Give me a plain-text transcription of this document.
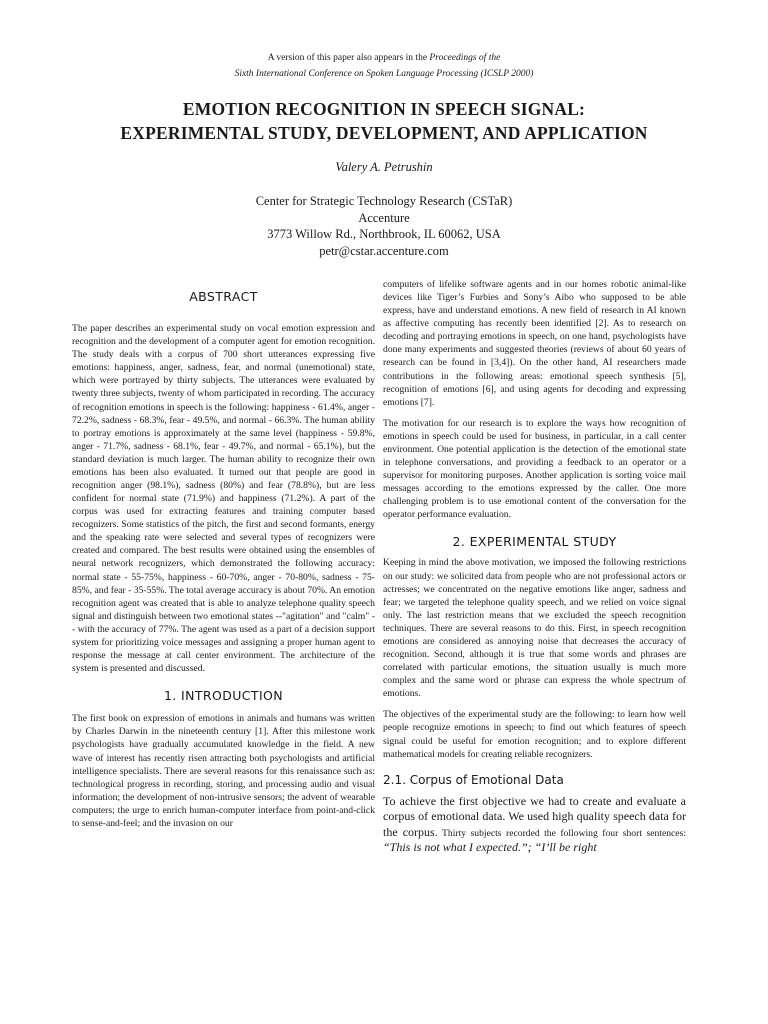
A version of this paper also appears in the Proceedings of the
Sixth International Conference on Spoken Language Processing (ICSLP 2000)
EMOTION RECOGNITION IN SPEECH SIGNAL:
EXPERIMENTAL STUDY, DEVELOPMENT, AND APPLICATION
Valery A. Petrushin
Center for Strategic Technology Research (CSTaR)
Accenture
3773 Willow Rd., Northbrook, IL 60062, USA
petr@cstar.accenture.com
ABSTRACT

The paper describes an experimental study on vocal emotion expression and recognition and the development of a computer agent for emotion recognition. The study deals with a corpus of 700 short utterances expressing five emotions: happiness, anger, sadness, fear, and normal (unemotional) state, which were portrayed by thirty subjects. The utterances were evaluated by twenty three subjects, twenty of whom participated in recording. The accuracy of recognition emotions in speech is the following: happiness - 61.4%, anger - 72.2%, sadness - 68.3%, fear - 49.5%, and normal - 66.3%. The human ability to portray emotions is approximately at the same level (happiness - 59.8%, anger - 71.7%, sadness - 68.1%, fear - 49.7%, and normal - 65.1%), but the standard deviation is much larger. The human ability to recognize their own emotions has been also evaluated. It turned out that people are good in recognition anger (98.1%), sadness (80%) and fear (78.8%), but are less confident for normal state (71.9%) and happiness (71.2%). A part of the corpus was used for extracting features and training computer based recognizers. Some statistics of the pitch, the first and second formants, energy and the speaking rate were selected and several types of recognizers were created and compared. The best results were obtained using the ensembles of neural network recognizers, which demonstrated the following accuracy: normal state - 55-75%, happiness - 60-70%, anger - 70-80%, sadness - 75-85%, and fear - 35-55%. The total average accuracy is about 70%. An emotion recognition agent was created that is able to analyze telephone quality speech signal and distinguish between two emotional states --"agitation" and "calm" -- with the accuracy of 77%. The agent was used as a part of a decision support system for prioritizing voice messages and assigning a proper human agent to response the message at call center environment. The architecture of the system is presented and discussed.

1. INTRODUCTION

The first book on expression of emotions in animals and humans was written by Charles Darwin in the nineteenth century [1]. After this milestone work psychologists have gradually accumulated knowledge in the field. A new wave of interest has recently risen attracting both psychologists and artificial intelligence specialists. There are several reasons for this renaissance such as: technological progress in recording, storing, and processing audio and visual information; the development of non-intrusive sensors; the advent of wearable computers; the urge to enrich human-computer interface from point-and-click to sense-and-feel; and the invasion on our

computers of lifelike software agents and in our homes robotic animal-like devices like Tiger’s Furbies and Sony’s Aibo who supposed to be able express, have and understand emotions. A new field of research in AI known as affective computing has recently been identified [2]. As to research on decoding and portraying emotions in speech, on one hand, psychologists have done many experiments and suggested theories (reviews of about 60 years of research can be found in [3,4]). On the other hand, AI researchers made contributions in the following areas: emotional speech synthesis [5], recognition of emotions [6], and using agents for decoding and expressing emotions [7].

The motivation for our research is to explore the ways how recognition of emotions in speech could be used for business, in particular, in a call center environment. One potential application is the detection of the emotional state in telephone conversations, and providing a feedback to an operator or a supervisor for monitoring purposes. Another application is sorting voice mail messages according to the emotions expressed by the caller. One more challenging problem is to use emotional content of the conversation for the operator performance evaluation.

2. EXPERIMENTAL STUDY

Keeping in mind the above motivation, we imposed the following restrictions on our study: we solicited data from people who are not professional actors or actresses; we concentrated on the negative emotions like anger, sadness and fear; we targeted the telephone quality speech, and we relied on voice signal only. The last restriction means that we excluded the speech recognition techniques. There are several reasons to do this. First, in speech recognition emotions are considered as annoying noise that decreases the accuracy of recognition. Second, although it is true that some words and phrases are correlated with particular emotions, the situation usually is much more complex and the same word or phrase can express the whole spectrum of emotions.

The objectives of the experimental study are the following: to learn how well people recognize emotions in speech; to find out which features of speech signal could be useful for emotion recognition; and to explore different mathematical models for creating reliable recognizers.

2.1. Corpus of Emotional Data

To achieve the first objective we had to create and evaluate a corpus of emotional data. We used high quality speech data for the corpus. Thirty subjects recorded the following four short sentences: “This is not what I expected.”; “I’ll be right
